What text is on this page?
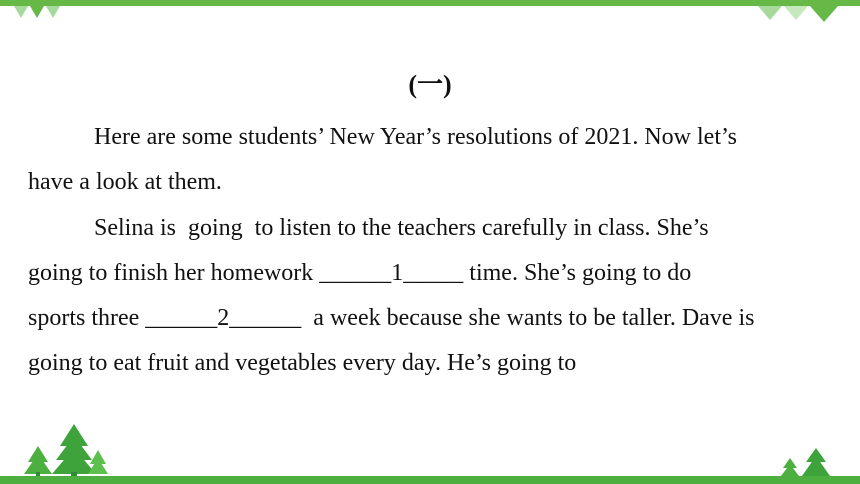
(一)
Here are some students’ New Year’s resolutions of 2021. Now let’s
have a look at them.
Selina is  going  to listen to the teachers carefully in class. She’s
going to finish her homework ______1_____ time. She’s going to do
sports three ______2______  a week because she wants to be taller. Dave is
going to eat fruit and vegetables every day. He’s going to
